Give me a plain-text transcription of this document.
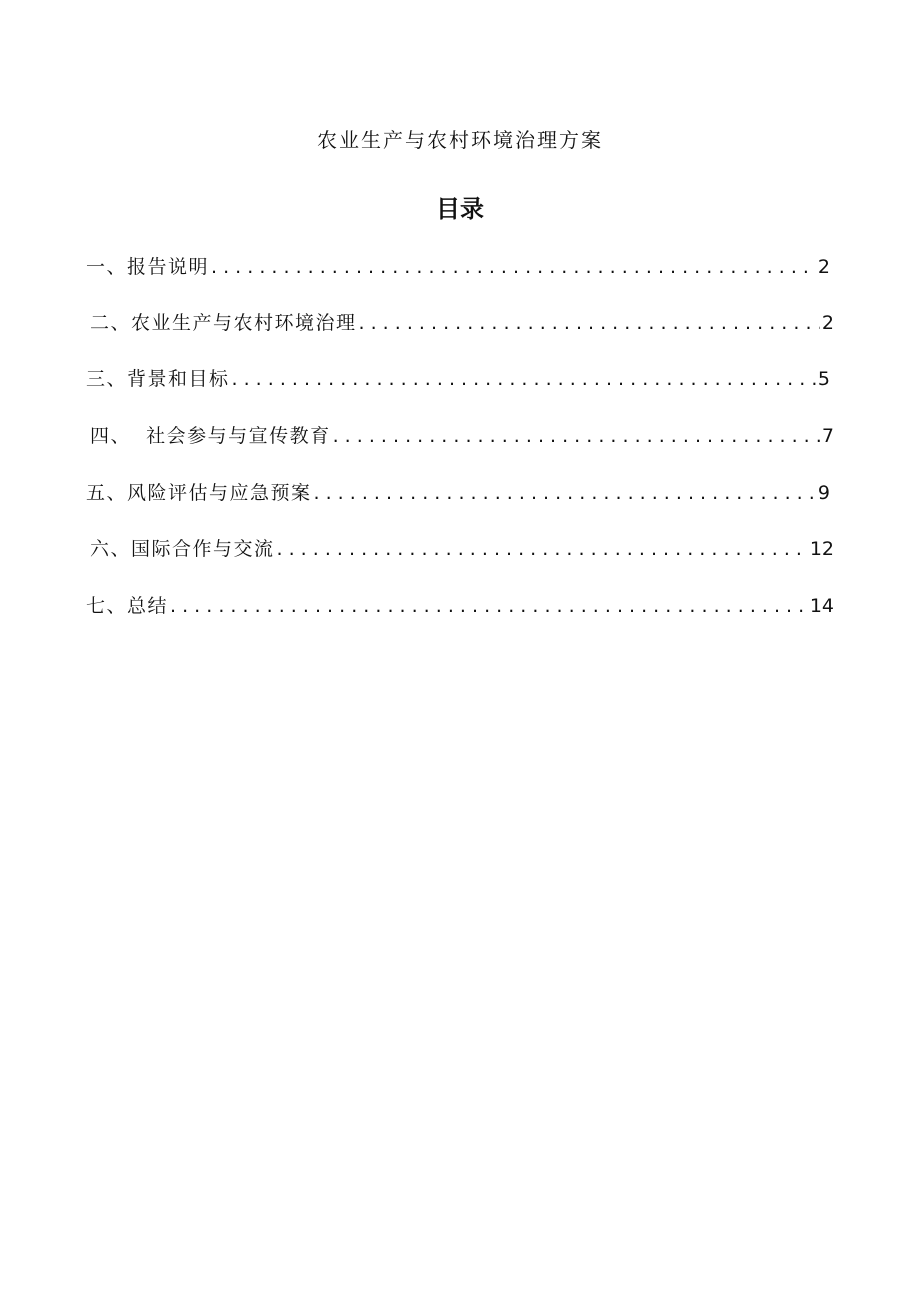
农业生产与农村环境治理方案
目录
一、报告说明 . . .	2
二、农业生产与农村环境治理 . . .	2
三、背景和目标 . . .	5
四、  社会参与与宣传教育 . . .	7
五、风险评估与应急预案 . . .	9
六、国际合作与交流 . . .	12
七、总结 . . .	14
